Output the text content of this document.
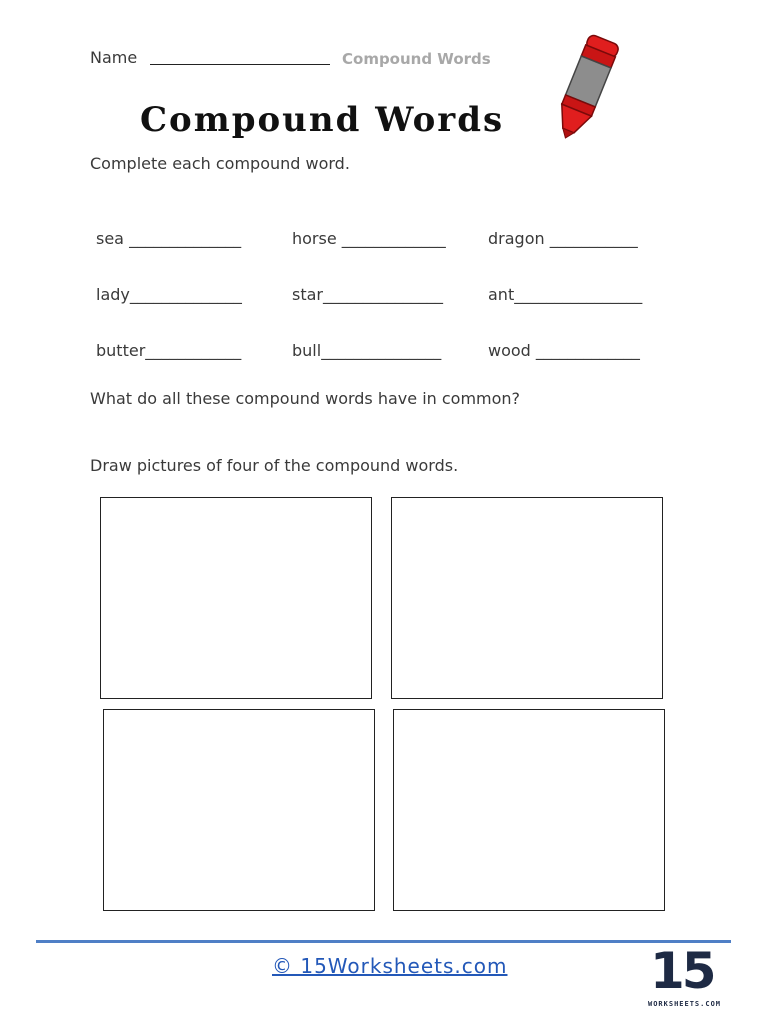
Name	Compound Words
Compound Words
Complete each compound word.
sea ______________	horse _____________	dragon ___________
lady______________	star_______________	ant________________
butter____________	bull_______________	wood _____________
What do all these compound words have in common?
Draw pictures of four of the compound words.
© 15Worksheets.com	15
WORKSHEETS.COM
